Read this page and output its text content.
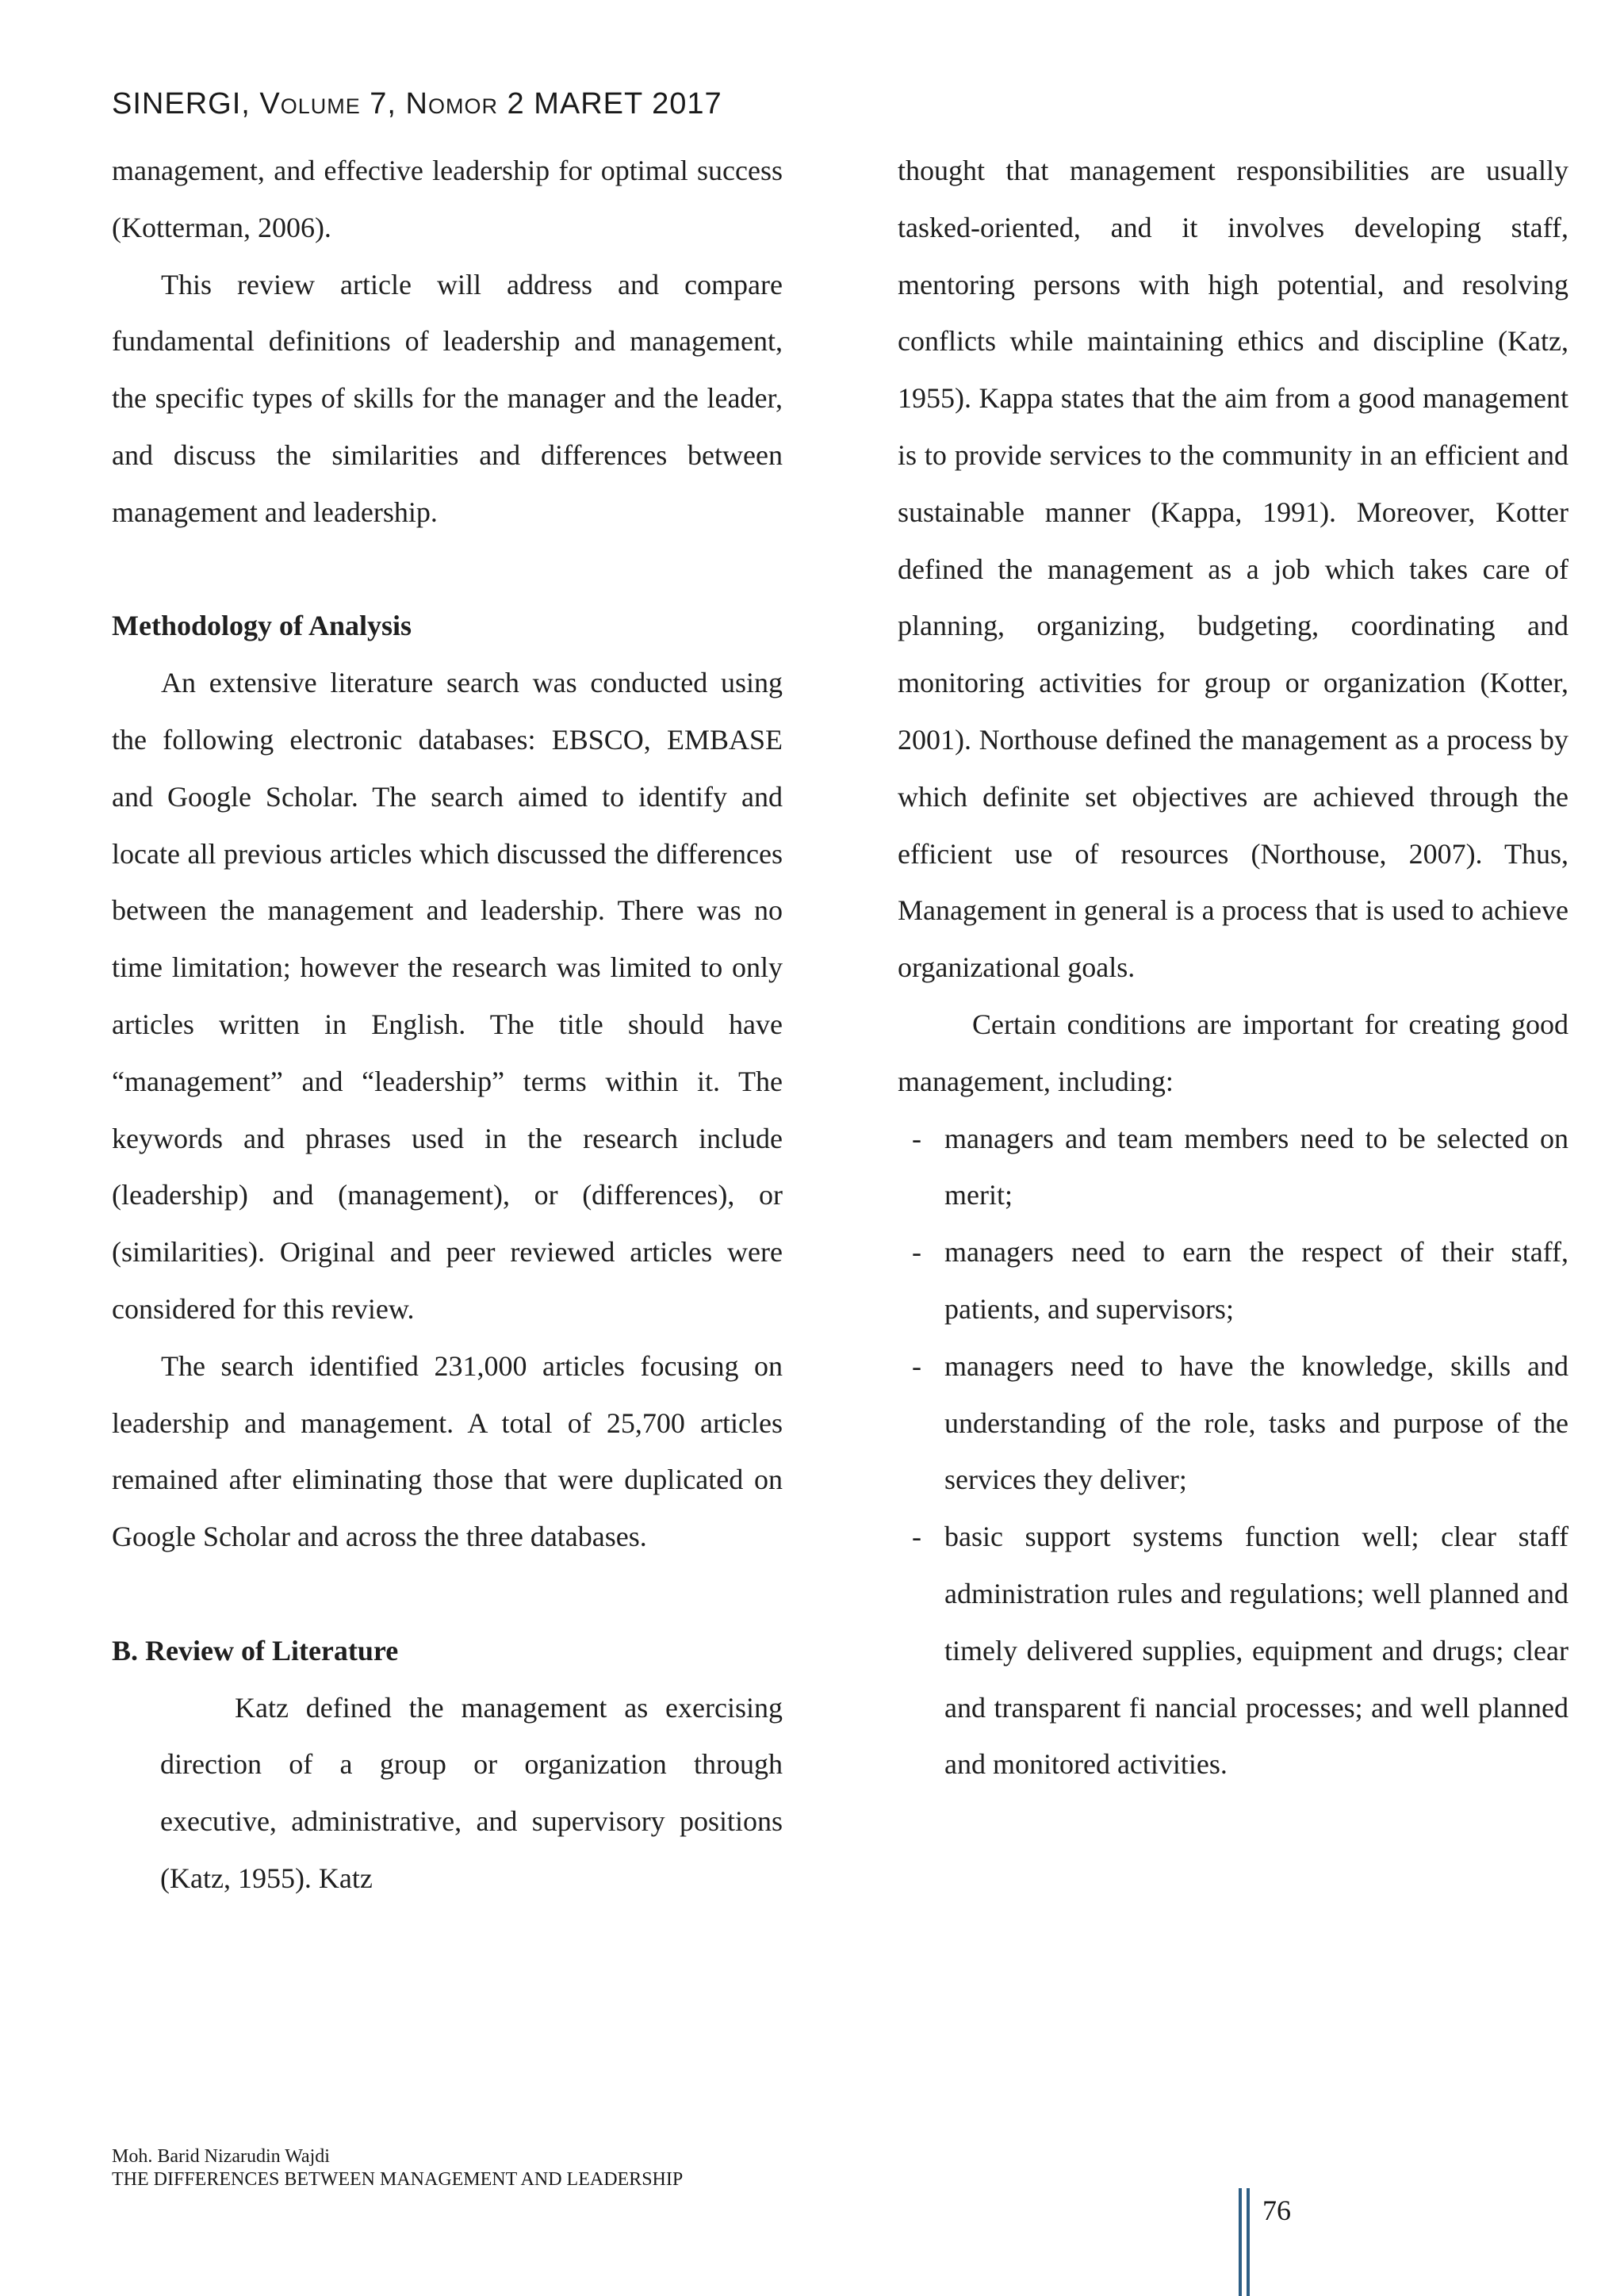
SINERGI, Volume 7, Nomor 2 MARET 2017

management, and effective leadership for optimal success (Kotterman, 2006).

This review article will address and compare fundamental definitions of leadership and management, the specific types of skills for the manager and the leader, and discuss the similarities and differences between management and leadership.

Methodology of Analysis

An extensive literature search was conducted using the following electronic databases: EBSCO, EMBASE and Google Scholar. The search aimed to identify and locate all previous articles which discussed the differences between the management and leadership. There was no time limitation; however the research was limited to only articles written in English. The title should have “management” and “leadership” terms within it. The keywords and phrases used in the research include (leadership) and (management), or (differences), or (similarities). Original and peer reviewed articles were considered for this review.

The search identified 231,000 articles focusing on leadership and management. A total of 25,700 articles remained after eliminating those that were duplicated on Google Scholar and across the three databases.

B. Review of Literature

Katz defined the management as exercising direction of a group or organization through executive, administrative, and supervisory positions (Katz, 1955). Katz

thought that management responsibilities are usually tasked-oriented, and it involves developing staff, mentoring persons with high potential, and resolving conflicts while maintaining ethics and discipline (Katz, 1955). Kappa states that the aim from a good management is to provide services to the community in an efficient and sustainable manner (Kappa, 1991). Moreover, Kotter defined the management as a job which takes care of planning, organizing, budgeting, coordinating and monitoring activities for group or organization (Kotter, 2001). Northouse defined the management as a process by which definite set objectives are achieved through the efficient use of resources (Northouse, 2007). Thus, Management in general is a process that is used to achieve organizational goals.

Certain conditions are important for creating good management, including:

- managers and team members need to be selected on merit;
- managers need to earn the respect of their staff, patients, and supervisors;
- managers need to have the knowledge, skills and understanding of the role, tasks and purpose of the services they deliver;
- basic support systems function well; clear staff administration rules and regulations; well planned and timely delivered supplies, equipment and drugs; clear and transparent fi nancial processes; and well planned and monitored activities.
Moh. Barid Nizarudin Wajdi
THE DIFFERENCES BETWEEN MANAGEMENT AND LEADERSHIP
76
